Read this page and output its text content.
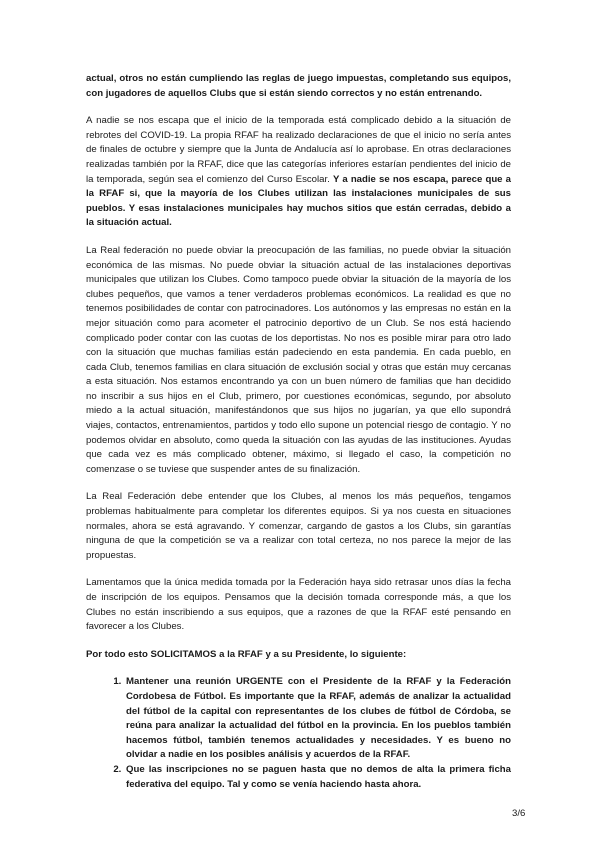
actual, otros no están cumpliendo las reglas de juego impuestas, completando sus equipos, con jugadores de aquellos Clubs que si están siendo correctos y no están entrenando.

A nadie se nos escapa que el inicio de la temporada está complicado debido a la situación de rebrotes del COVID-19. La propia RFAF ha realizado declaraciones de que el inicio no sería antes de finales de octubre y siempre que la Junta de Andalucía así lo aprobase. En otras declaraciones realizadas también por la RFAF, dice que las categorías inferiores estarían pendientes del inicio de la temporada, según sea el comienzo del Curso Escolar. Y a nadie se nos escapa, parece que a la RFAF si, que la mayoría de los Clubes utilizan las instalaciones municipales de sus pueblos. Y esas instalaciones municipales hay muchos sitios que están cerradas, debido a la situación actual.

La Real federación no puede obviar la preocupación de las familias, no puede obviar la situación económica de las mismas. No puede obviar la situación actual de las instalaciones deportivas municipales que utilizan los Clubes. Como tampoco puede obviar la situación de la mayoría de los clubes pequeños, que vamos a tener verdaderos problemas económicos. La realidad es que no tenemos posibilidades de contar con patrocinadores. Los autónomos y las empresas no están en la mejor situación como para acometer el patrocinio deportivo de un Club. Se nos está haciendo complicado poder contar con las cuotas de los deportistas. No nos es posible mirar para otro lado con la situación que muchas familias están padeciendo en esta pandemia. En cada pueblo, en cada Club, tenemos familias en clara situación de exclusión social y otras que están muy cercanas a esta situación. Nos estamos encontrando ya con un buen número de familias que han decidido no inscribir a sus hijos en el Club, primero, por cuestiones económicas, segundo, por absoluto miedo a la actual situación, manifestándonos que sus hijos no jugarían, ya que ello supondrá viajes, contactos, entrenamientos, partidos y todo ello supone un potencial riesgo de contagio. Y no podemos olvidar en absoluto, como queda la situación con las ayudas de las instituciones. Ayudas que cada vez es más complicado obtener, máximo, si llegado el caso, la competición no comenzase o se tuviese que suspender antes de su finalización.

La Real Federación debe entender que los Clubes, al menos los más pequeños, tengamos problemas habitualmente para completar los diferentes equipos. Si ya nos cuesta en situaciones normales, ahora se está agravando. Y comenzar, cargando de gastos a los Clubs, sin garantías ninguna de que la competición se va a realizar con total certeza, no nos parece la mejor de las propuestas.

Lamentamos que la única medida tomada por la Federación haya sido retrasar unos días la fecha de inscripción de los equipos. Pensamos que la decisión tomada corresponde más, a que los Clubes no están inscribiendo a sus equipos, que a razones de que la RFAF esté pensando en favorecer a los Clubes.

Por todo esto SOLICITAMOS a la RFAF y a su Presidente, lo siguiente:

1. Mantener una reunión URGENTE con el Presidente de la RFAF y la Federación Cordobesa de Fútbol. Es importante que la RFAF, además de analizar la actualidad del fútbol de la capital con representantes de los clubes de fútbol de Córdoba, se reúna para analizar la actualidad del fútbol en la provincia. En los pueblos también hacemos fútbol, también tenemos actualidades y necesidades. Y es bueno no olvidar a nadie en los posibles análisis y acuerdos de la RFAF.
2. Que las inscripciones no se paguen hasta que no demos de alta la primera ficha federativa del equipo. Tal y como se venía haciendo hasta ahora.
3/6
